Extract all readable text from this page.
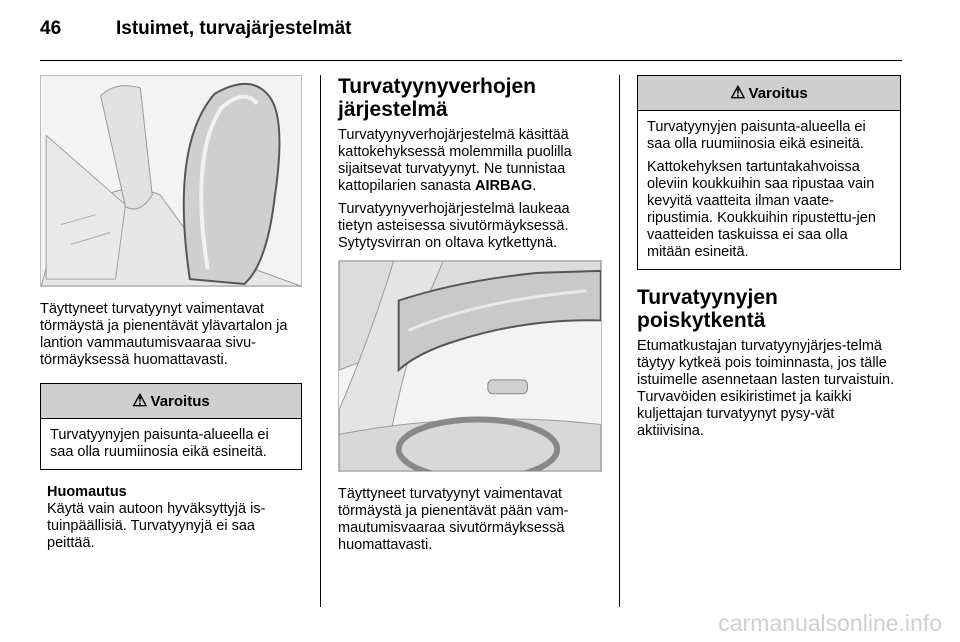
46	Istuimet, turvajärjestelmät

Täyttyneet turvatyynyt vaimentavat törmäystä ja pienentävät ylävartalon ja lantion vammautumisvaaraa sivu-törmäyksessä huomattavasti.

⚠ Varoitus

Turvatyynyjen paisunta-alueella ei saa olla ruumiinosia eikä esineitä.

Huomautus
Käytä vain autoon hyväksyttyjä is-tuinpäällisiä. Turvatyynyjä ei saa peittää.
Turvatyynyverhojen järjestelmä

Turvatyynyverhojärjestelmä käsittää kattokehyksessä molemmilla puolilla sijaitsevat turvatyynyt. Ne tunnistaa kattopilarien sanasta AIRBAG.

Turvatyynyverhojärjestelmä laukeaa tietyn asteisessa sivutörmäyksessä. Sytytysvirran on oltava kytkettynä.

Täyttyneet turvatyynyt vaimentavat törmäystä ja pienentävät pään vam-mautumisvaaraa sivutörmäyksessä huomattavasti.

⚠ Varoitus

Turvatyynyjen paisunta-alueella ei saa olla ruumiinosia eikä esineitä.

Kattokehyksen tartuntakahvoissa oleviin koukkuihin saa ripustaa vain kevyitä vaatteita ilman vaate-ripustimia. Koukkuihin ripustettu-jen vaatteiden taskuissa ei saa olla mitään esineitä.

Turvatyynyjen poiskytkentä

Etumatkustajan turvatyynyjärjes-telmä täytyy kytkeä pois toiminnasta, jos tälle istuimelle asennetaan lasten turvaistuin. Turvavöiden esikiristimet ja kaikki kuljettajan turvatyynyt pysy-vät aktiivisina.

carmanualsonline.info
